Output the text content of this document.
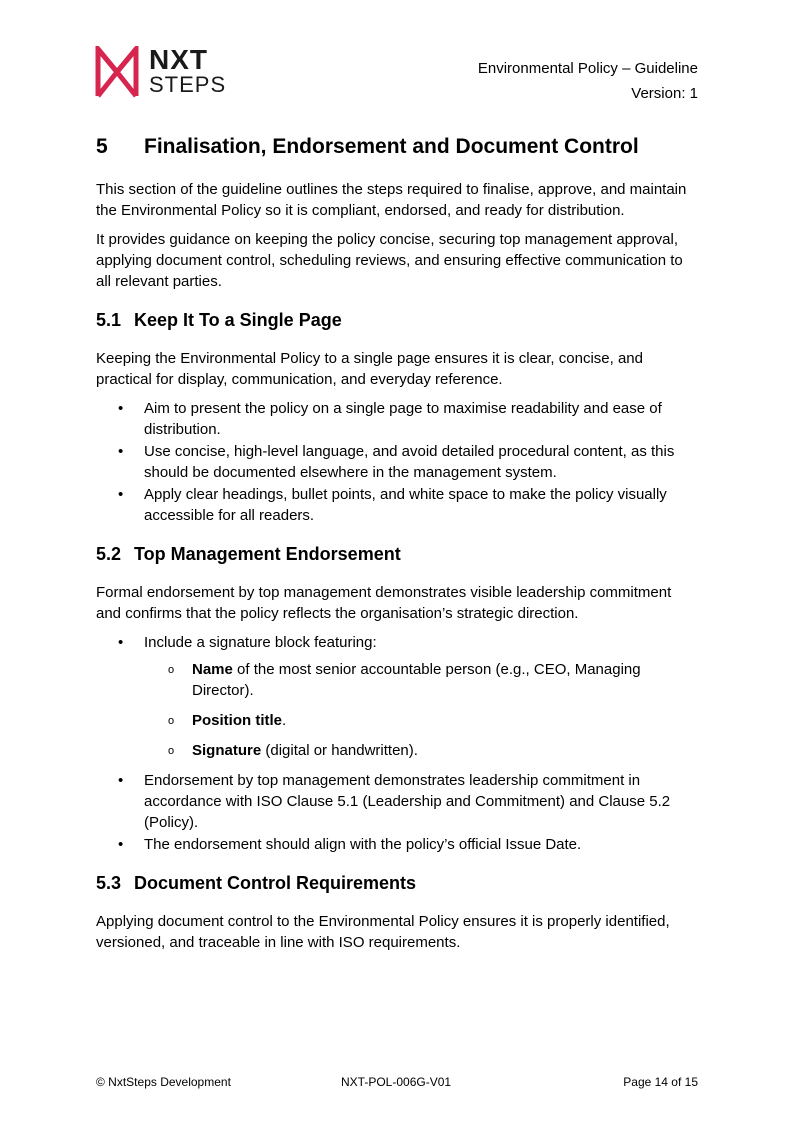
NXT
STEPS
Environmental Policy – Guideline
Version: 1
5 Finalisation, Endorsement and Document Control

This section of the guideline outlines the steps required to finalise, approve, and maintain the Environmental Policy so it is compliant, endorsed, and ready for distribution.

It provides guidance on keeping the policy concise, securing top management approval, applying document control, scheduling reviews, and ensuring effective communication to all relevant parties.

5.1 Keep It To a Single Page

Keeping the Environmental Policy to a single page ensures it is clear, concise, and practical for display, communication, and everyday reference.

• Aim to present the policy on a single page to maximise readability and ease of distribution.
• Use concise, high-level language, and avoid detailed procedural content, as this should be documented elsewhere in the management system.
• Apply clear headings, bullet points, and white space to make the policy visually accessible for all readers.
5.2 Top Management Endorsement

Formal endorsement by top management demonstrates visible leadership commitment and confirms that the policy reflects the organisation’s strategic direction.

• Include a signature block featuring:
o Name of the most senior accountable person (e.g., CEO, Managing Director).
o Position title.
o Signature (digital or handwritten).
• Endorsement by top management demonstrates leadership commitment in accordance with ISO Clause 5.1 (Leadership and Commitment) and Clause 5.2 (Policy).
• The endorsement should align with the policy’s official Issue Date.
5.3 Document Control Requirements

Applying document control to the Environmental Policy ensures it is properly identified, versioned, and traceable in line with ISO requirements.

© NxtSteps Development	NXT-POL-006G-V01	Page 14 of 15
